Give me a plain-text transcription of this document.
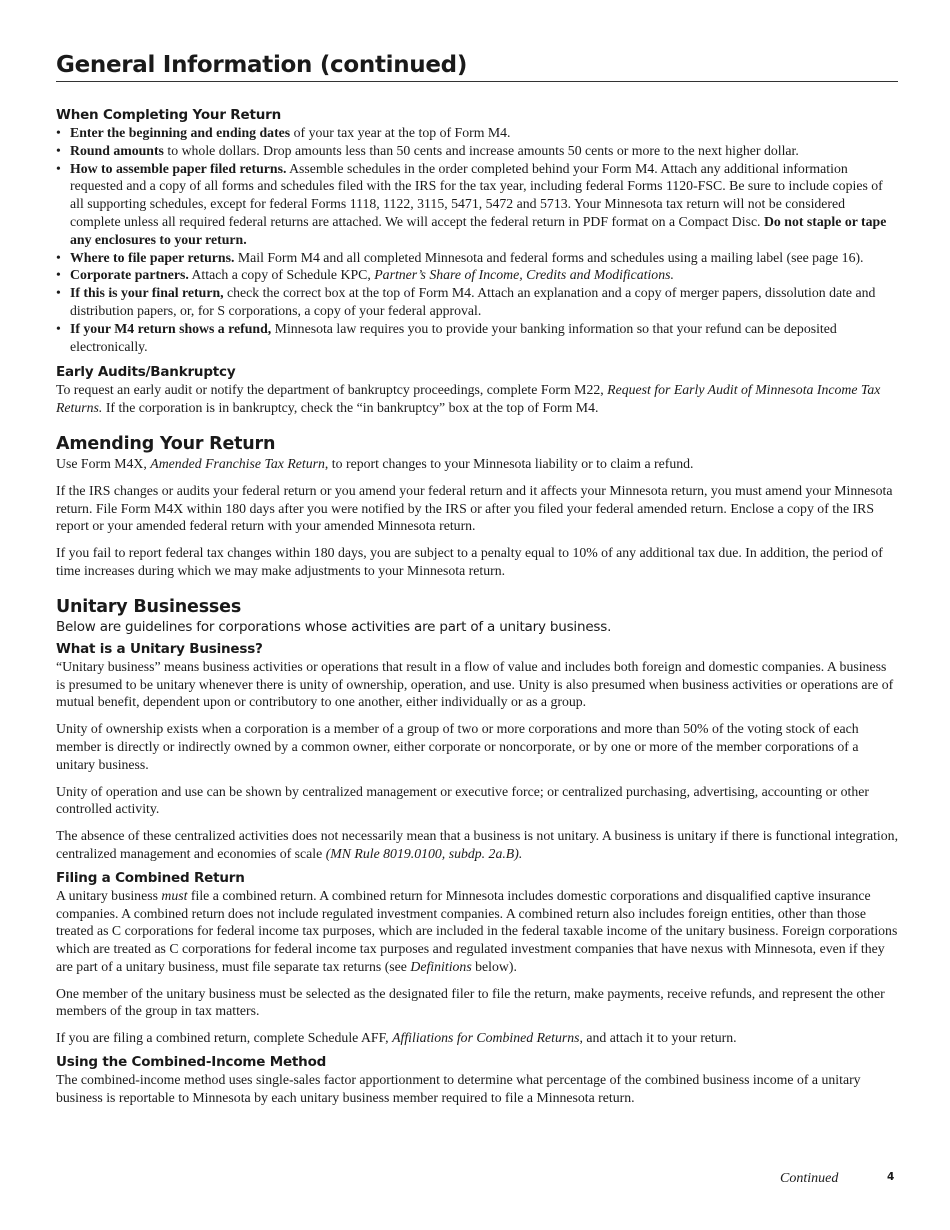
General Information (continued)
When Completing Your Return
• Enter the beginning and ending dates of your tax year at the top of Form M4.
• Round amounts to whole dollars. Drop amounts less than 50 cents and increase amounts 50 cents or more to the next higher dollar.
• How to assemble paper filed returns. Assemble schedules in the order completed behind your Form M4. Attach any additional information requested and a copy of all forms and schedules filed with the IRS for the tax year, including federal Forms 1120-FSC. Be sure to include copies of all supporting schedules, except for federal Forms 1118, 1122, 3115, 5471, 5472 and 5713. Your Minnesota tax return will not be considered complete unless all required federal returns are attached. We will accept the federal return in PDF format on a Compact Disc. Do not staple or tape any enclosures to your return.
• Where to file paper returns. Mail Form M4 and all completed Minnesota and federal forms and schedules using a mailing label (see page 16).
• Corporate partners. Attach a copy of Schedule KPC, Partner’s Share of Income, Credits and Modifications.
• If this is your final return, check the correct box at the top of Form M4. Attach an explanation and a copy of merger papers, dissolution date and distribution papers, or, for S corporations, a copy of your federal approval.
• If your M4 return shows a refund, Minnesota law requires you to provide your banking information so that your refund can be deposited electronically.
Early Audits/Bankruptcy

To request an early audit or notify the department of bankruptcy proceedings, complete Form M22, Request for Early Audit of Minnesota Income Tax Returns. If the corporation is in bankruptcy, check the “in bankruptcy” box at the top of Form M4.

Amending Your Return

Use Form M4X, Amended Franchise Tax Return, to report changes to your Minnesota liability or to claim a refund.

If the IRS changes or audits your federal return or you amend your federal return and it affects your Minnesota return, you must amend your Minnesota return. File Form M4X within 180 days after you were notified by the IRS or after you filed your federal amended return. Enclose a copy of the IRS report or your amended federal return with your amended Minnesota return.

If you fail to report federal tax changes within 180 days, you are subject to a penalty equal to 10% of any additional tax due. In addition, the period of time increases during which we may make adjustments to your Minnesota return.

Unitary Businesses
Below are guidelines for corporations whose activities are part of a unitary business.
What is a Unitary Business?

“Unitary business” means business activities or operations that result in a flow of value and includes both foreign and domestic companies. A business is presumed to be unitary whenever there is unity of ownership, operation, and use. Unity is also presumed when business activities or operations are of mutual benefit, dependent upon or contributory to one another, either individually or as a group.

Unity of ownership exists when a corporation is a member of a group of two or more corporations and more than 50% of the voting stock of each member is directly or indirectly owned by a common owner, either corporate or noncorporate, or by one or more of the member corporations of a unitary business.

Unity of operation and use can be shown by centralized management or executive force; or centralized purchasing, advertising, accounting or other controlled activity.

The absence of these centralized activities does not necessarily mean that a business is not unitary. A business is unitary if there is functional integration, centralized management and economies of scale (MN Rule 8019.0100, subdp. 2a.B).

Filing a Combined Return

A unitary business must file a combined return. A combined return for Minnesota includes domestic corporations and disqualified captive insurance companies. A combined return does not include regulated investment companies. A combined return also includes foreign entities, other than those treated as C corporations for federal income tax purposes, which are included in the federal taxable income of the unitary business. Foreign corporations which are treated as C corporations for federal income tax purposes and regulated investment companies that have nexus with Minnesota, even if they are part of a unitary business, must file separate tax returns (see Definitions below).

One member of the unitary business must be selected as the designated filer to file the return, make payments, receive refunds, and represent the other members of the group in tax matters.

If you are filing a combined return, complete Schedule AFF, Affiliations for Combined Returns, and attach it to your return.

Using the Combined-Income Method

The combined-income method uses single-sales factor apportionment to determine what percentage of the combined business income of a unitary business is reportable to Minnesota by each unitary business member required to file a Minnesota return.

Continued	4
